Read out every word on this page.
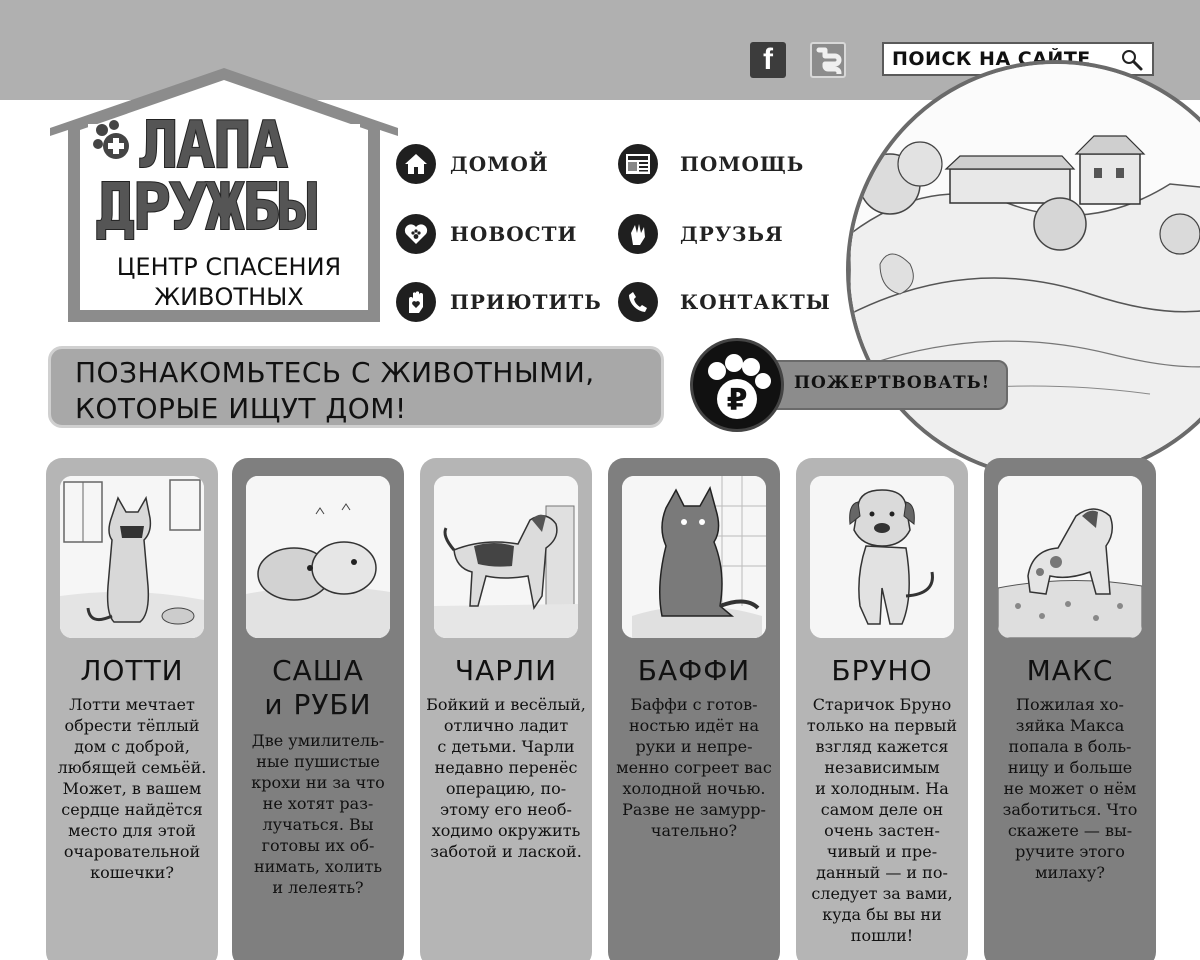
f
ПОИСК НА САЙТЕ
ЛАПА
ДРУЖБЫ
ЦЕНТР СПАСЕНИЯ
ЖИВОТНЫХ
ДОМОЙ	ПОМОЩЬ
НОВОСТИ	ДРУЗЬЯ
ПРИЮТИТЬ	КОНТАКТЫ
ПОЗНАКОМЬТЕСЬ С ЖИВОТНЫМИ,
КОТОРЫЕ ИЩУТ ДОМ!
ПОЖЕРТВОВАТЬ!
₽
ЛОТТИ
Лотти мечтает
обрести тёплый
дом с доброй,
любящей семьёй.
Может, в вашем
сердце найдётся
место для этой
очаровательной
кошечки?
САША
и РУБИ
Две умилитель-
ные пушистые
крохи ни за что
не хотят раз-
лучаться. Вы
готовы их об-
нимать, холить
и лелеять?
ЧАРЛИ
Бойкий и весёлый,
отлично ладит
с детьми. Чарли
недавно перенёс
операцию, по-
этому его необ-
ходимо окружить
заботой и лаской.
БАФФИ
Баффи с готов-
ностью идёт на
руки и непре-
менно согреет вас
холодной ночью.
Разве не замурр-
чательно?
БРУНО
Старичок Бруно
только на первый
взгляд кажется
независимым
и холодным. На
самом деле он
очень застен-
чивый и пре-
данный — и по-
следует за вами,
куда бы вы ни
пошли!
МАКС
Пожилая хо-
зяйка Макса
попала в боль-
ницу и больше
не может о нём
заботиться. Что
скажете — вы-
ручите этого
милаху?
